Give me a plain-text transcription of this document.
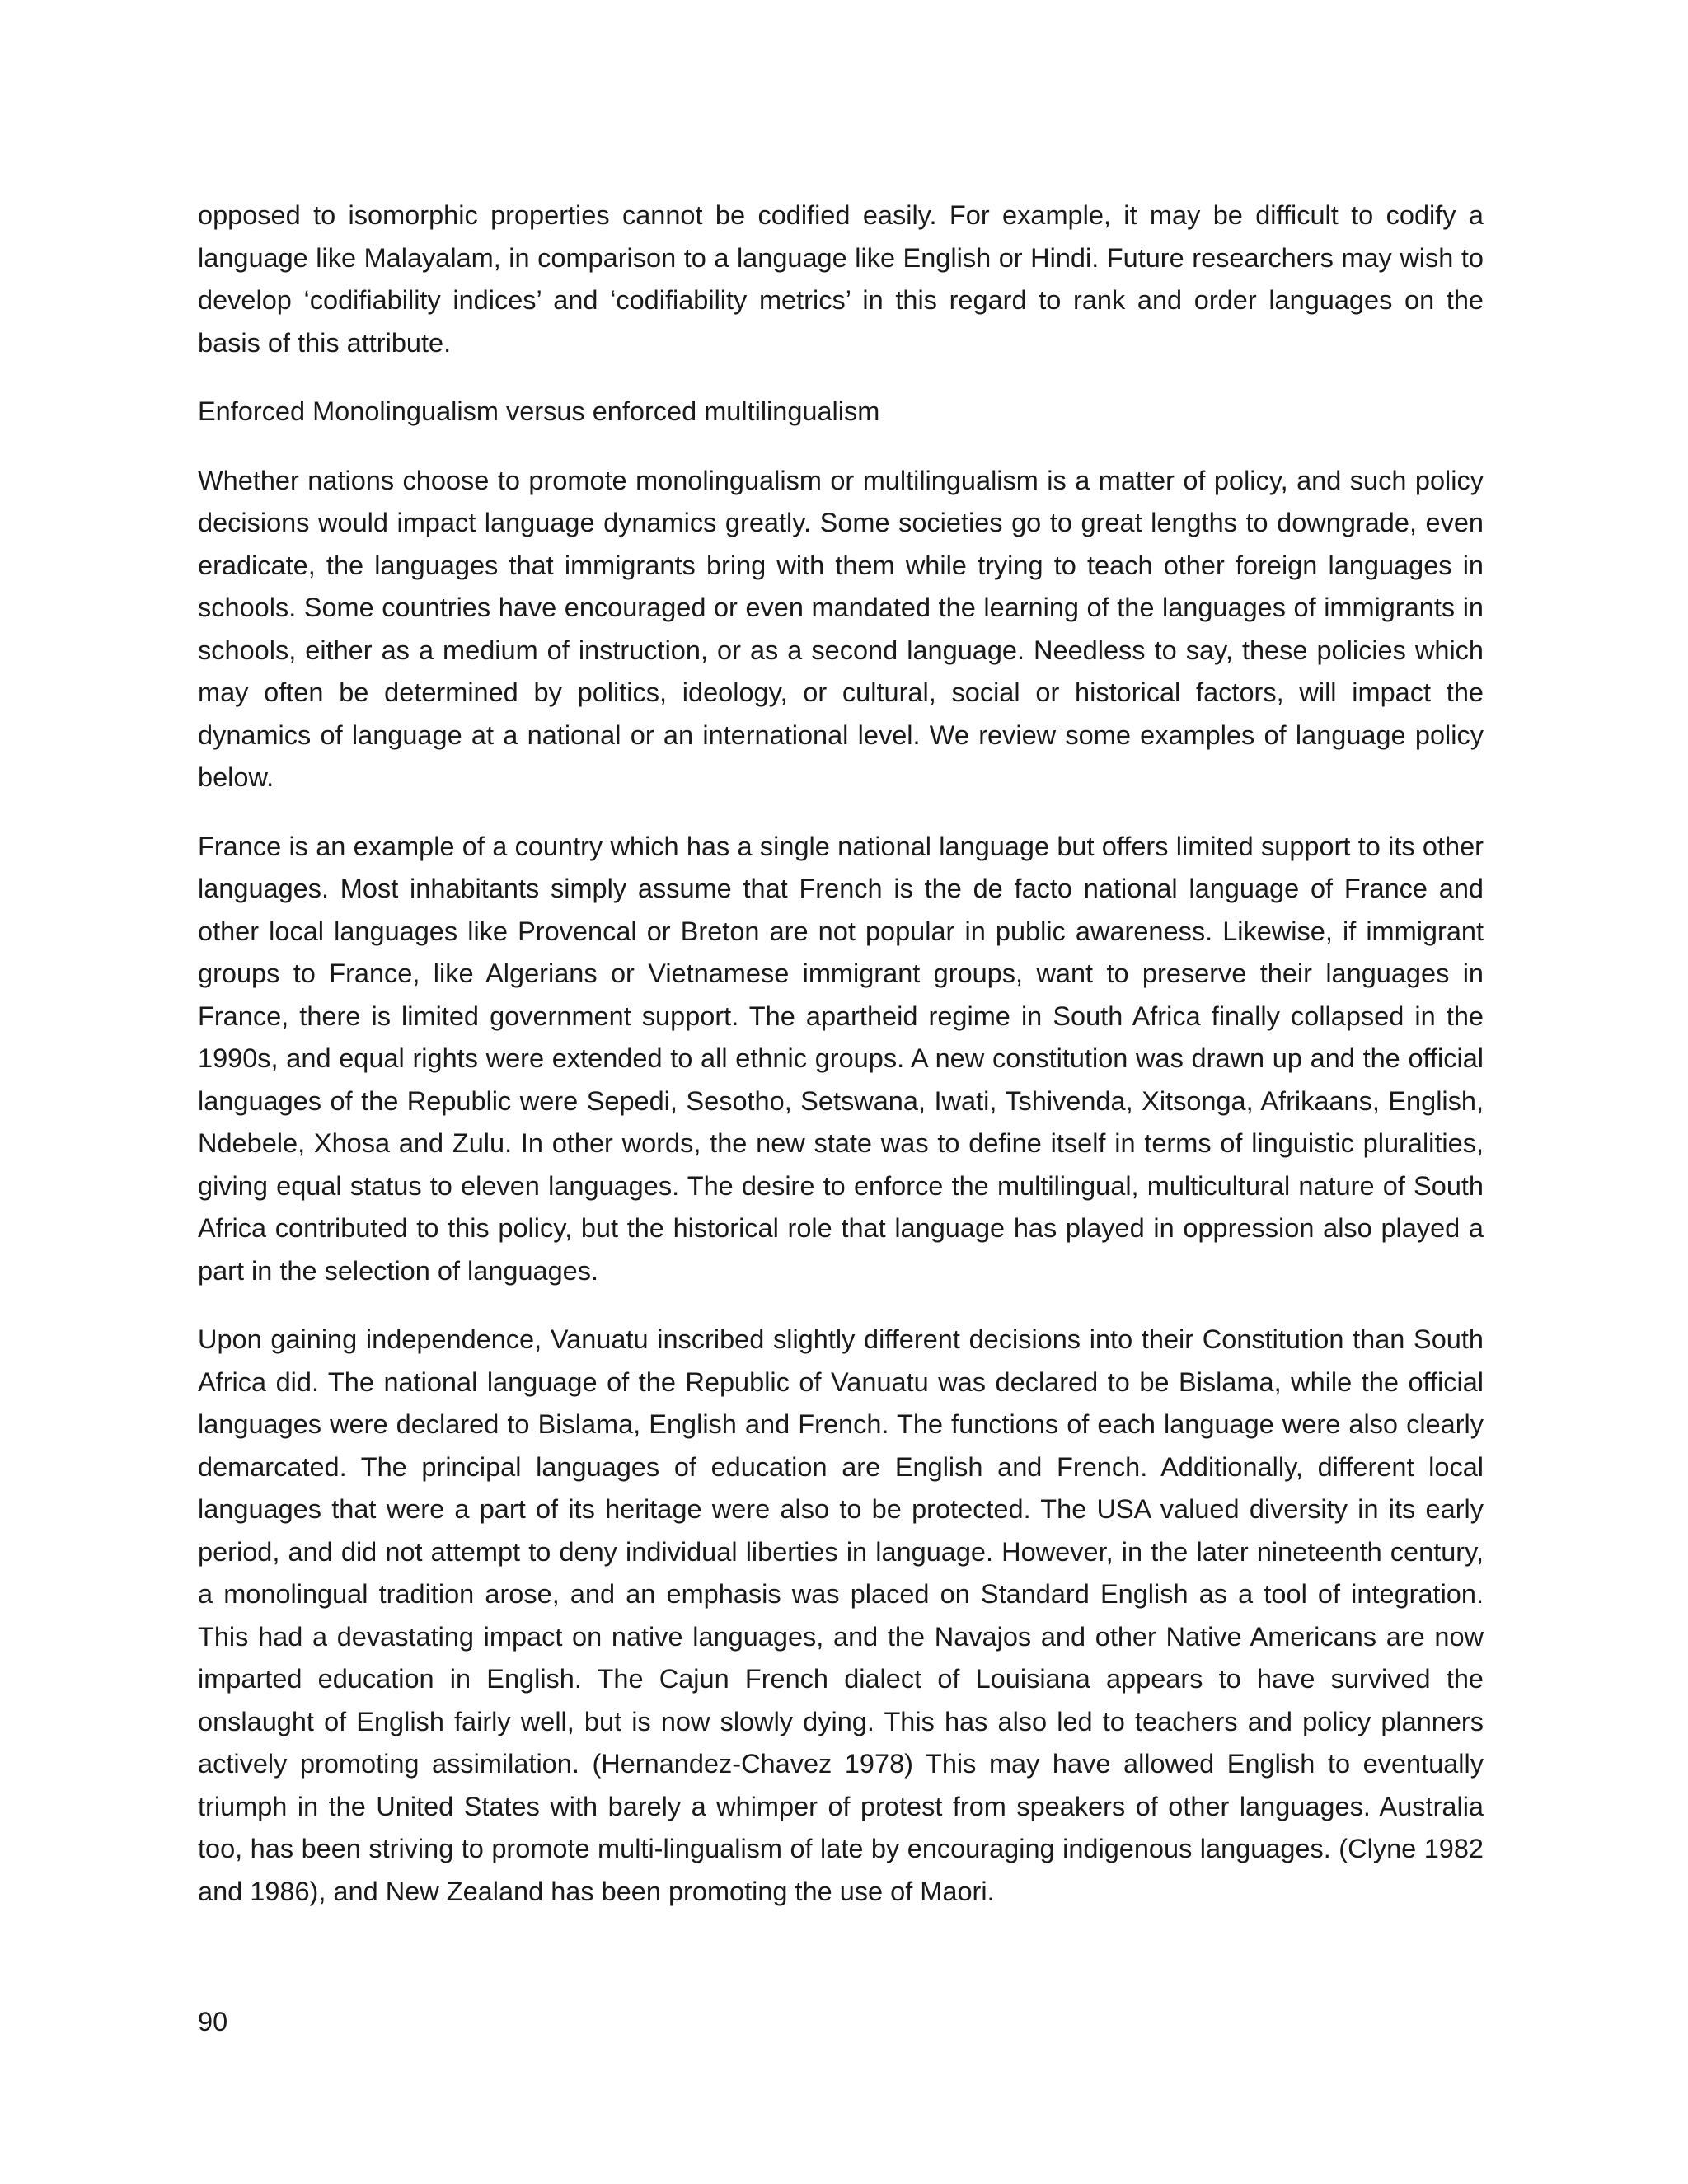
opposed to isomorphic properties cannot be codified easily. For example, it may be difficult to codify a language like Malayalam, in comparison to a language like English or Hindi. Future researchers may wish to develop ‘codifiability indices’ and ‘codifiability metrics’ in this regard to rank and order languages on the basis of this attribute.

Enforced Monolingualism versus enforced multilingualism

Whether nations choose to promote monolingualism or multilingualism is a matter of policy, and such policy decisions would impact language dynamics greatly. Some societies go to great lengths to downgrade, even eradicate, the languages that immigrants bring with them while trying to teach other foreign languages in schools. Some countries have encouraged or even mandated the learning of the languages of immigrants in schools, either as a medium of instruction, or as a second language. Needless to say, these policies which may often be determined by politics, ideology, or cultural, social or historical factors, will impact the dynamics of language at a national or an international level. We review some examples of language policy below.

France is an example of a country which has a single national language but offers limited support to its other languages. Most inhabitants simply assume that French is the de facto national language of France and other local languages like Provencal or Breton are not popular in public awareness. Likewise, if immigrant groups to France, like Algerians or Vietnamese immigrant groups, want to preserve their languages in France, there is limited government support. The apartheid regime in South Africa finally collapsed in the 1990s, and equal rights were extended to all ethnic groups. A new constitution was drawn up and the official languages of the Republic were Sepedi, Sesotho, Setswana, Iwati, Tshivenda, Xitsonga, Afrikaans, English, Ndebele, Xhosa and Zulu. In other words, the new state was to define itself in terms of linguistic pluralities, giving equal status to eleven languages. The desire to enforce the multilingual, multicultural nature of South Africa contributed to this policy, but the historical role that language has played in oppression also played a part in the selection of languages.

Upon gaining independence, Vanuatu inscribed slightly different decisions into their Constitution than South Africa did. The national language of the Republic of Vanuatu was declared to be Bislama, while the official languages were declared to Bislama, English and French. The functions of each language were also clearly demarcated. The principal languages of education are English and French. Additionally, different local languages that were a part of its heritage were also to be protected. The USA valued diversity in its early period, and did not attempt to deny individual liberties in language. However, in the later nineteenth century, a monolingual tradition arose, and an emphasis was placed on Standard English as a tool of integration. This had a devastating impact on native languages, and the Navajos and other Native Americans are now imparted education in English. The Cajun French dialect of Louisiana appears to have survived the onslaught of English fairly well, but is now slowly dying. This has also led to teachers and policy planners actively promoting assimilation. (Hernandez-Chavez 1978) This may have allowed English to eventually triumph in the United States with barely a whimper of protest from speakers of other languages. Australia too, has been striving to promote multi-lingualism of late by encouraging indigenous languages. (Clyne 1982 and 1986), and New Zealand has been promoting the use of Maori.

90
